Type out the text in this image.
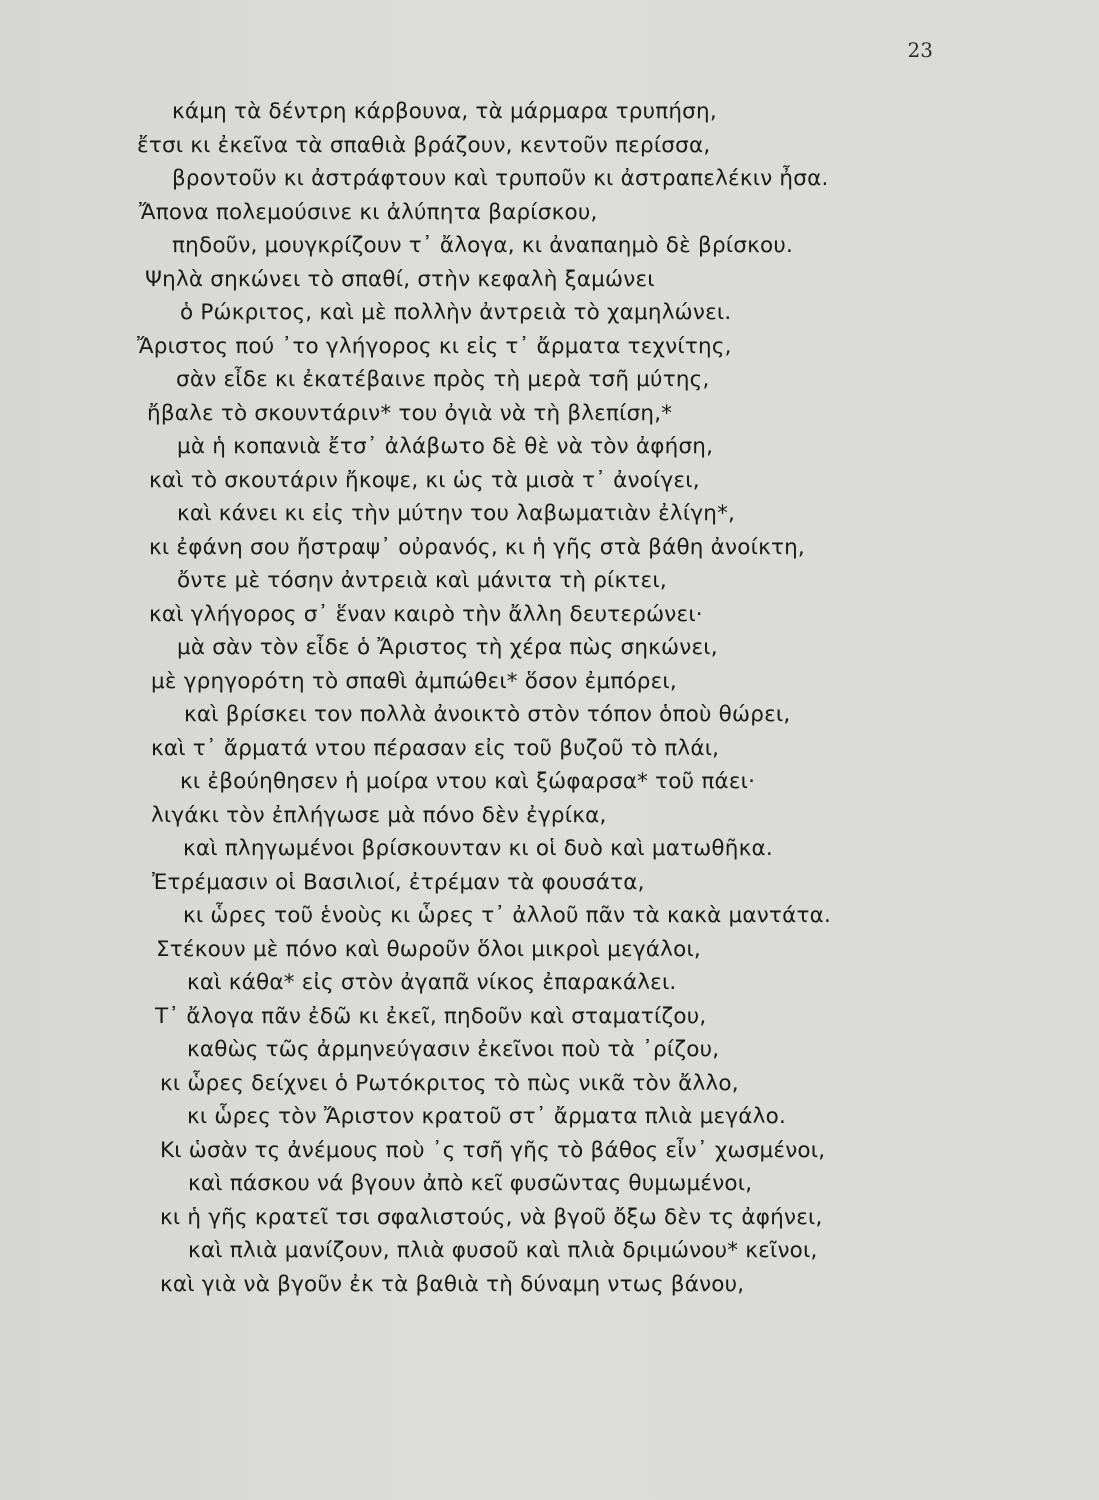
23
κάμη τὰ δέντρη κάρβουνα, τὰ μάρμαρα τρυπήση,
ἔτσι κι ἐκεῖνα τὰ σπαθιὰ βράζουν, κεντοῦν περίσσα,
βροντοῦν κι ἀστράφτουν καὶ τρυποῦν κι ἀστραπελέκιν ἦσα.
Ἄπονα πολεμούσινε κι ἀλύπητα βαρίσκου,
πηδοῦν, μουγκρίζουν τ᾽ ἄλογα, κι ἀναπαημὸ δὲ βρίσκου.
Ψηλὰ σηκώνει τὸ σπαθί, στὴν κεφαλὴ ξαμώνει
ὁ Ρώκριτος, καὶ μὲ πολλὴν ἀντρειὰ τὸ χαμηλώνει.
Ἄριστος πού ᾽το γλήγορος κι εἰς τ᾽ ἄρματα τεχνίτης,
σὰν εἶδε κι ἐκατέβαινε πρὸς τὴ μερὰ τσῆ μύτης,
ἤβαλε τὸ σκουντάριν* του ὀγιὰ νὰ τὴ βλεπίση,*
μὰ ἡ κοπανιὰ ἔτσ᾽ ἀλάβωτο δὲ θὲ νὰ τὸν ἀφήση,
καὶ τὸ σκουτάριν ἤκοψε, κι ὡς τὰ μισὰ τ᾽ ἀνοίγει,
καὶ κάνει κι εἰς τὴν μύτην του λαβωματιὰν ἐλίγη*,
κι ἐφάνη σου ἤστραψ᾽ οὐρανός, κι ἡ γῆς στὰ βάθη ἀνοίκτη,
ὄντε μὲ τόσην ἀντρειὰ καὶ μάνιτα τὴ ρίκτει,
καὶ γλήγορος σ᾽ ἕναν καιρὸ τὴν ἄλλη δευτερώνει·
μὰ σὰν τὸν εἶδε ὁ Ἄριστος τὴ χέρα πὼς σηκώνει,
μὲ γρηγορότη τὸ σπαθὶ ἀμπώθει* ὅσον ἐμπόρει,
καὶ βρίσκει τον πολλὰ ἀνοικτὸ στὸν τόπον ὁποὺ θώρει,
καὶ τ᾽ ἄρματά ντου πέρασαν εἰς τοῦ βυζοῦ τὸ πλάι,
κι ἐβούηθησεν ἡ μοίρα ντου καὶ ξώφαρσα* τοῦ πάει·
λιγάκι τὸν ἐπλήγωσε μὰ πόνο δὲν ἐγρίκα,
καὶ πληγωμένοι βρίσκουνταν κι οἱ δυὸ καὶ ματωθῆκα.
Ἐτρέμασιν οἱ Βασιλιοί, ἐτρέμαν τὰ φουσάτα,
κι ὧρες τοῦ ἑνοὺς κι ὧρες τ᾽ ἀλλοῦ πᾶν τὰ κακὰ μαντάτα.
Στέκουν μὲ πόνο καὶ θωροῦν ὅλοι μικροὶ μεγάλοι,
καὶ κάθα* εἰς στὸν ἀγαπᾶ νίκος ἐπαρακάλει.
Τ᾽ ἄλογα πᾶν ἐδῶ κι ἐκεῖ, πηδοῦν καὶ σταματίζου,
καθὼς τῶς ἀρμηνεύγασιν ἐκεῖνοι ποὺ τὰ ᾽ρίζου,
κι ὧρες δείχνει ὁ Ρωτόκριτος τὸ πὼς νικᾶ τὸν ἄλλο,
κι ὧρες τὸν Ἄριστον κρατοῦ στ᾽ ἄρματα πλιὰ μεγάλο.
Κι ὡσὰν τς ἀνέμους ποὺ ᾽ς τσῆ γῆς τὸ βάθος εἶν᾽ χωσμένοι,
καὶ πάσκου νά βγουν ἀπὸ κεῖ φυσῶντας θυμωμένοι,
κι ἡ γῆς κρατεῖ τσι σφαλιστούς, νὰ βγοῦ ὄξω δὲν τς ἀφήνει,
καὶ πλιὰ μανίζουν, πλιὰ φυσοῦ καὶ πλιὰ δριμώνου* κεῖνοι,
καὶ γιὰ νὰ βγοῦν ἐκ τὰ βαθιὰ τὴ δύναμη ντως βάνου,
